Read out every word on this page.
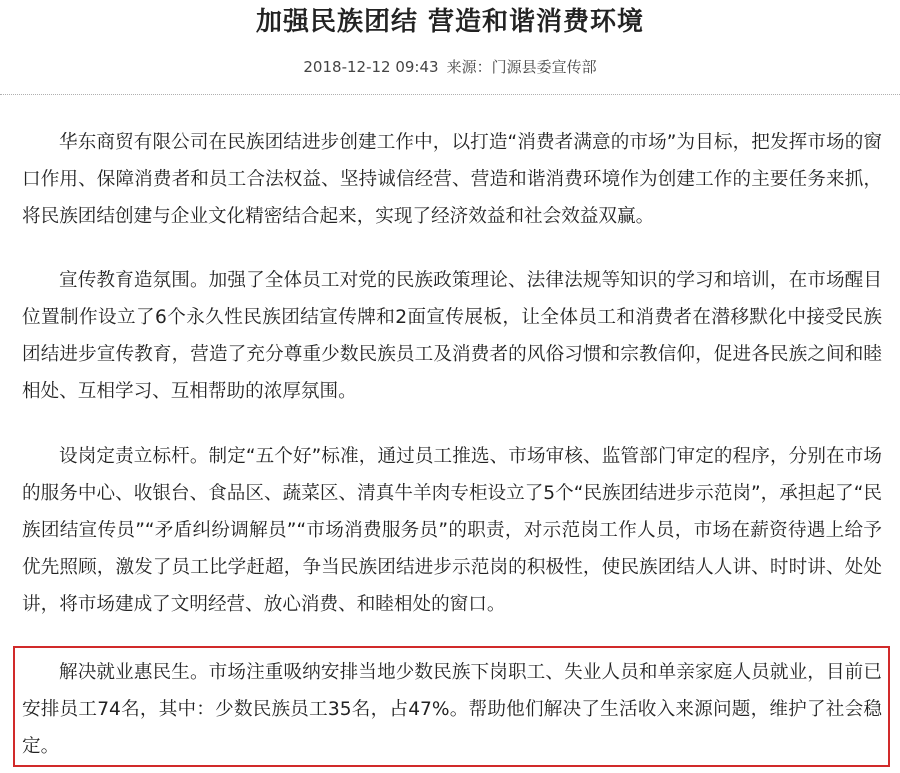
加强民族团结 营造和谐消费环境
2018-12-12 09:43 来源：门源县委宣传部

华东商贸有限公司在民族团结进步创建工作中，以打造“消费者满意的市场”为目标，把发挥市场的窗口作用、保障消费者和员工合法权益、坚持诚信经营、营造和谐消费环境作为创建工作的主要任务来抓，将民族团结创建与企业文化精密结合起来，实现了经济效益和社会效益双赢。

宣传教育造氛围。加强了全体员工对党的民族政策理论、法律法规等知识的学习和培训，在市场醒目位置制作设立了6个永久性民族团结宣传牌和2面宣传展板，让全体员工和消费者在潜移默化中接受民族团结进步宣传教育，营造了充分尊重少数民族员工及消费者的风俗习惯和宗教信仰，促进各民族之间和睦相处、互相学习、互相帮助的浓厚氛围。

设岗定责立标杆。制定“五个好”标准，通过员工推选、市场审核、监管部门审定的程序，分别在市场的服务中心、收银台、食品区、蔬菜区、清真牛羊肉专柜设立了5个“民族团结进步示范岗”，承担起了“民族团结宣传员”“矛盾纠纷调解员”“市场消费服务员”的职责，对示范岗工作人员，市场在薪资待遇上给予优先照顾，激发了员工比学赶超，争当民族团结进步示范岗的积极性，使民族团结人人讲、时时讲、处处讲，将市场建成了文明经营、放心消费、和睦相处的窗口。

解决就业惠民生。市场注重吸纳安排当地少数民族下岗职工、失业人员和单亲家庭人员就业，目前已安排员工74名，其中：少数民族员工35名，占47%。帮助他们解决了生活收入来源问题，维护了社会稳定。
